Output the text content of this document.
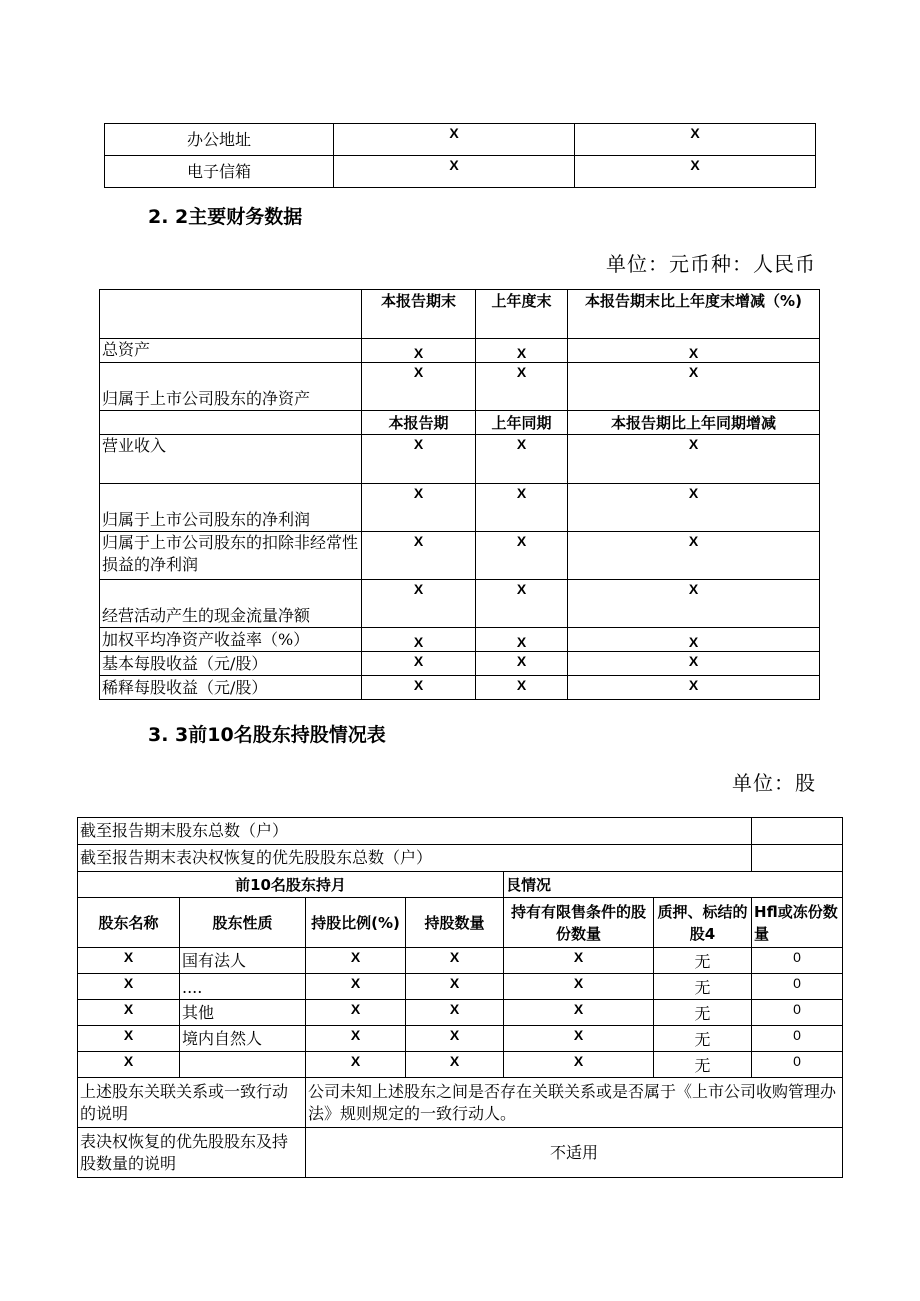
办公地址	X	X
电子信箱	X	X

2. 2主要财务数据

单位：元币种：人民币

	本报告期末	上年度末	本报告期末比上年度末增减（%)
总资产	X	X	X
归属于上市公司股东的净资产	X	X	X
	本报告期	上年同期	本报告期比上年同期增减
营业收入	X	X	X
归属于上市公司股东的净利润	X	X	X
归属于上市公司股东的扣除非经常性损益的净利润	X	X	X
经营活动产生的现金流量净额	X	X	X
加权平均净资产收益率（%）	X	X	X
基本每股收益（元/股）	X	X	X
稀释每股收益（元/股）	X	X	X

3. 3前10名股东持股情况表

单位：股

截至报告期末股东总数（户）						
截至报告期末表决权恢复的优先股股东总数（户）						
前10名股东持月				艮情况		
股东名称	股东性质	持股比例(%)	持股数量	持有有限售条件的股份数量	质押、标结的股4	Hfl或冻份数量
X	国有法人	X	X	X	无	0
X	....	X	X	X	无	0
X	其他	X	X	X	无	0
X	境内自然人	X	X	X	无	0
X		X	X	X	无	0
上述股东关联关系或一致行动的说明		公司未知上述股东之间是否存在关联关系或是否属于《上市公司收购管理办法》规则规定的一致行动人。				
表决权恢复的优先股股东及持股数量的说明		不适用				
